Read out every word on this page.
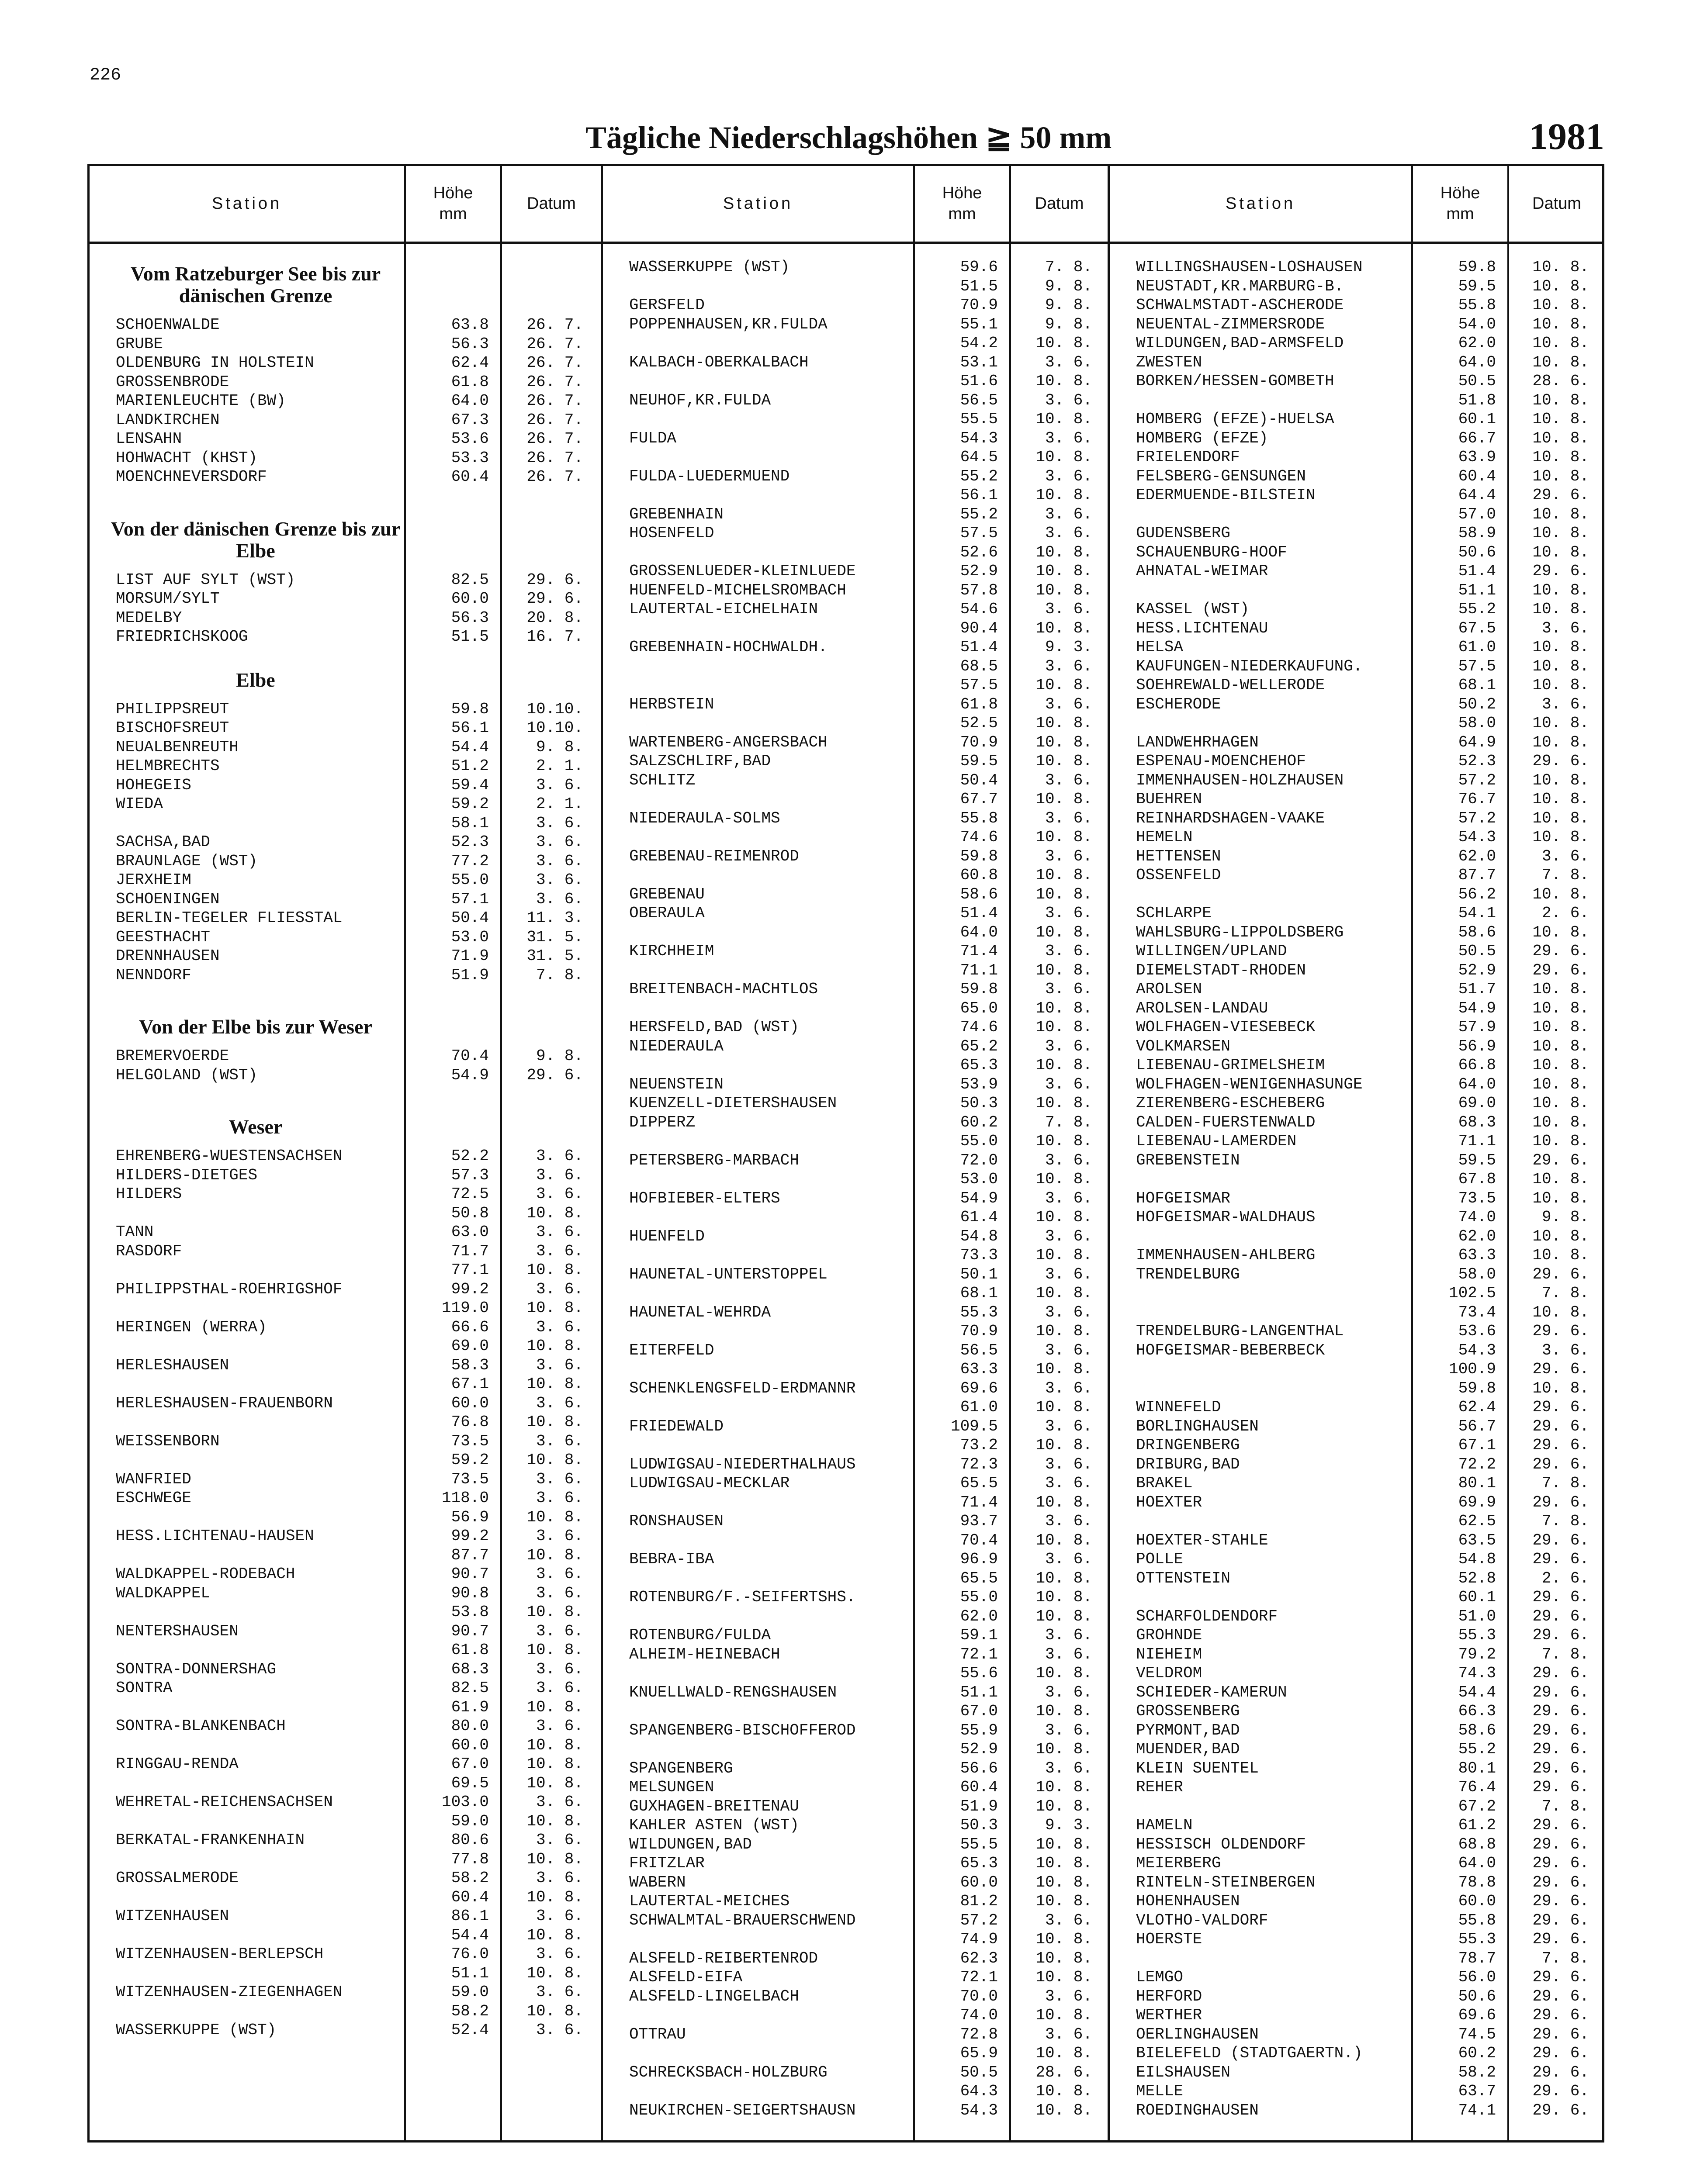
226
Tägliche Niederschlagshöhen ≧ 50 mm	1981
Station
Höhe
mm
Datum
Vom Ratzeburger See bis zur dänischen Grenze
SCHOENWALDE	63.8	26. 7.
GRUBE	56.3	26. 7.
OLDENBURG IN HOLSTEIN	62.4	26. 7.
GROSSENBRODE	61.8	26. 7.
MARIENLEUCHTE (BW)	64.0	26. 7.
LANDKIRCHEN	67.3	26. 7.
LENSAHN	53.6	26. 7.
HOHWACHT (KHST)	53.3	26. 7.
MOENCHNEVERSDORF	60.4	26. 7.
Von der dänischen Grenze bis zur Elbe
LIST AUF SYLT (WST)	82.5	29. 6.
MORSUM/SYLT	60.0	29. 6.
MEDELBY	56.3	20. 8.
FRIEDRICHSKOOG	51.5	16. 7.
Elbe
PHILIPPSREUT	59.8	10.10.
BISCHOFSREUT	56.1	10.10.
NEUALBENREUTH	54.4	9. 8.
HELMBRECHTS	51.2	2. 1.
HOHEGEIS	59.4	3. 6.
WIEDA	59.2	2. 1.
58.1	3. 6.
SACHSA,BAD	52.3	3. 6.
BRAUNLAGE (WST)	77.2	3. 6.
JERXHEIM	55.0	3. 6.
SCHOENINGEN	57.1	3. 6.
BERLIN-TEGELER FLIESSTAL	50.4	11. 3.
GEESTHACHT	53.0	31. 5.
DRENNHAUSEN	71.9	31. 5.
NENNDORF	51.9	7. 8.
Von der Elbe bis zur Weser
BREMERVOERDE	70.4	9. 8.
HELGOLAND (WST)	54.9	29. 6.
Weser
EHRENBERG-WUESTENSACHSEN	52.2	3. 6.
HILDERS-DIETGES	57.3	3. 6.
HILDERS	72.5	3. 6.
50.8	10. 8.
TANN	63.0	3. 6.
RASDORF	71.7	3. 6.
77.1	10. 8.
PHILIPPSTHAL-ROEHRIGSHOF	99.2	3. 6.
119.0	10. 8.
HERINGEN (WERRA)	66.6	3. 6.
69.0	10. 8.
HERLESHAUSEN	58.3	3. 6.
67.1	10. 8.
HERLESHAUSEN-FRAUENBORN	60.0	3. 6.
76.8	10. 8.
WEISSENBORN	73.5	3. 6.
59.2	10. 8.
WANFRIED	73.5	3. 6.
ESCHWEGE	118.0	3. 6.
56.9	10. 8.
HESS.LICHTENAU-HAUSEN	99.2	3. 6.
87.7	10. 8.
WALDKAPPEL-RODEBACH	90.7	3. 6.
WALDKAPPEL	90.8	3. 6.
53.8	10. 8.
NENTERSHAUSEN	90.7	3. 6.
61.8	10. 8.
SONTRA-DONNERSHAG	68.3	3. 6.
SONTRA	82.5	3. 6.
61.9	10. 8.
SONTRA-BLANKENBACH	80.0	3. 6.
60.0	10. 8.
RINGGAU-RENDA	67.0	10. 8.
69.5	10. 8.
WEHRETAL-REICHENSACHSEN	103.0	3. 6.
59.0	10. 8.
BERKATAL-FRANKENHAIN	80.6	3. 6.
77.8	10. 8.
GROSSALMERODE	58.2	3. 6.
60.4	10. 8.
WITZENHAUSEN	86.1	3. 6.
54.4	10. 8.
WITZENHAUSEN-BERLEPSCH	76.0	3. 6.
51.1	10. 8.
WITZENHAUSEN-ZIEGENHAGEN	59.0	3. 6.
58.2	10. 8.
WASSERKUPPE (WST)	52.4	3. 6.
Station
Höhe
mm
Datum
WASSERKUPPE (WST)	59.6	7. 8.
51.5	9. 8.
GERSFELD	70.9	9. 8.
POPPENHAUSEN,KR.FULDA	55.1	9. 8.
54.2	10. 8.
KALBACH-OBERKALBACH	53.1	3. 6.
51.6	10. 8.
NEUHOF,KR.FULDA	56.5	3. 6.
55.5	10. 8.
FULDA	54.3	3. 6.
64.5	10. 8.
FULDA-LUEDERMUEND	55.2	3. 6.
56.1	10. 8.
GREBENHAIN	55.2	3. 6.
HOSENFELD	57.5	3. 6.
52.6	10. 8.
GROSSENLUEDER-KLEINLUEDE	52.9	10. 8.
HUENFELD-MICHELSROMBACH	57.8	10. 8.
LAUTERTAL-EICHELHAIN	54.6	3. 6.
90.4	10. 8.
GREBENHAIN-HOCHWALDH.	51.4	9. 3.
68.5	3. 6.
57.5	10. 8.
HERBSTEIN	61.8	3. 6.
52.5	10. 8.
WARTENBERG-ANGERSBACH	70.9	10. 8.
SALZSCHLIRF,BAD	59.5	10. 8.
SCHLITZ	50.4	3. 6.
67.7	10. 8.
NIEDERAULA-SOLMS	55.8	3. 6.
74.6	10. 8.
GREBENAU-REIMENROD	59.8	3. 6.
60.8	10. 8.
GREBENAU	58.6	10. 8.
OBERAULA	51.4	3. 6.
64.0	10. 8.
KIRCHHEIM	71.4	3. 6.
71.1	10. 8.
BREITENBACH-MACHTLOS	59.8	3. 6.
65.0	10. 8.
HERSFELD,BAD (WST)	74.6	10. 8.
NIEDERAULA	65.2	3. 6.
65.3	10. 8.
NEUENSTEIN	53.9	3. 6.
KUENZELL-DIETERSHAUSEN	50.3	10. 8.
DIPPERZ	60.2	7. 8.
55.0	10. 8.
PETERSBERG-MARBACH	72.0	3. 6.
53.0	10. 8.
HOFBIEBER-ELTERS	54.9	3. 6.
61.4	10. 8.
HUENFELD	54.8	3. 6.
73.3	10. 8.
HAUNETAL-UNTERSTOPPEL	50.1	3. 6.
68.1	10. 8.
HAUNETAL-WEHRDA	55.3	3. 6.
70.9	10. 8.
EITERFELD	56.5	3. 6.
63.3	10. 8.
SCHENKLENGSFELD-ERDMANNR	69.6	3. 6.
61.0	10. 8.
FRIEDEWALD	109.5	3. 6.
73.2	10. 8.
LUDWIGSAU-NIEDERTHALHAUS	72.3	3. 6.
LUDWIGSAU-MECKLAR	65.5	3. 6.
71.4	10. 8.
RONSHAUSEN	93.7	3. 6.
70.4	10. 8.
BEBRA-IBA	96.9	3. 6.
65.5	10. 8.
ROTENBURG/F.-SEIFERTSHS.	55.0	10. 8.
62.0	10. 8.
ROTENBURG/FULDA	59.1	3. 6.
ALHEIM-HEINEBACH	72.1	3. 6.
55.6	10. 8.
KNUELLWALD-RENGSHAUSEN	51.1	3. 6.
67.0	10. 8.
SPANGENBERG-BISCHOFFEROD	55.9	3. 6.
52.9	10. 8.
SPANGENBERG	56.6	3. 6.
MELSUNGEN	60.4	10. 8.
GUXHAGEN-BREITENAU	51.9	10. 8.
KAHLER ASTEN (WST)	50.3	9. 3.
WILDUNGEN,BAD	55.5	10. 8.
FRITZLAR	65.3	10. 8.
WABERN	60.0	10. 8.
LAUTERTAL-MEICHES	81.2	10. 8.
SCHWALMTAL-BRAUERSCHWEND	57.2	3. 6.
74.9	10. 8.
ALSFELD-REIBERTENROD	62.3	10. 8.
ALSFELD-EIFA	72.1	10. 8.
ALSFELD-LINGELBACH	70.0	3. 6.
74.0	10. 8.
OTTRAU	72.8	3. 6.
65.9	10. 8.
SCHRECKSBACH-HOLZBURG	50.5	28. 6.
64.3	10. 8.
NEUKIRCHEN-SEIGERTSHAUSN	54.3	10. 8.
Station
Höhe
mm
Datum
WILLINGSHAUSEN-LOSHAUSEN	59.8	10. 8.
NEUSTADT,KR.MARBURG-B.	59.5	10. 8.
SCHWALMSTADT-ASCHERODE	55.8	10. 8.
NEUENTAL-ZIMMERSRODE	54.0	10. 8.
WILDUNGEN,BAD-ARMSFELD	62.0	10. 8.
ZWESTEN	64.0	10. 8.
BORKEN/HESSEN-GOMBETH	50.5	28. 6.
51.8	10. 8.
HOMBERG (EFZE)-HUELSA	60.1	10. 8.
HOMBERG (EFZE)	66.7	10. 8.
FRIELENDORF	63.9	10. 8.
FELSBERG-GENSUNGEN	60.4	10. 8.
EDERMUENDE-BILSTEIN	64.4	29. 6.
57.0	10. 8.
GUDENSBERG	58.9	10. 8.
SCHAUENBURG-HOOF	50.6	10. 8.
AHNATAL-WEIMAR	51.4	29. 6.
51.1	10. 8.
KASSEL (WST)	55.2	10. 8.
HESS.LICHTENAU	67.5	3. 6.
HELSA	61.0	10. 8.
KAUFUNGEN-NIEDERKAUFUNG.	57.5	10. 8.
SOEHREWALD-WELLERODE	68.1	10. 8.
ESCHERODE	50.2	3. 6.
58.0	10. 8.
LANDWEHRHAGEN	64.9	10. 8.
ESPENAU-MOENCHEHOF	52.3	29. 6.
IMMENHAUSEN-HOLZHAUSEN	57.2	10. 8.
BUEHREN	76.7	10. 8.
REINHARDSHAGEN-VAAKE	57.2	10. 8.
HEMELN	54.3	10. 8.
HETTENSEN	62.0	3. 6.
OSSENFELD	87.7	7. 8.
56.2	10. 8.
SCHLARPE	54.1	2. 6.
WAHLSBURG-LIPPOLDSBERG	58.6	10. 8.
WILLINGEN/UPLAND	50.5	29. 6.
DIEMELSTADT-RHODEN	52.9	29. 6.
AROLSEN	51.7	10. 8.
AROLSEN-LANDAU	54.9	10. 8.
WOLFHAGEN-VIESEBECK	57.9	10. 8.
VOLKMARSEN	56.9	10. 8.
LIEBENAU-GRIMELSHEIM	66.8	10. 8.
WOLFHAGEN-WENIGENHASUNGE	64.0	10. 8.
ZIERENBERG-ESCHEBERG	69.0	10. 8.
CALDEN-FUERSTENWALD	68.3	10. 8.
LIEBENAU-LAMERDEN	71.1	10. 8.
GREBENSTEIN	59.5	29. 6.
67.8	10. 8.
HOFGEISMAR	73.5	10. 8.
HOFGEISMAR-WALDHAUS	74.0	9. 8.
62.0	10. 8.
IMMENHAUSEN-AHLBERG	63.3	10. 8.
TRENDELBURG	58.0	29. 6.
102.5	7. 8.
73.4	10. 8.
TRENDELBURG-LANGENTHAL	53.6	29. 6.
HOFGEISMAR-BEBERBECK	54.3	3. 6.
100.9	29. 6.
59.8	10. 8.
WINNEFELD	62.4	29. 6.
BORLINGHAUSEN	56.7	29. 6.
DRINGENBERG	67.1	29. 6.
DRIBURG,BAD	72.2	29. 6.
BRAKEL	80.1	7. 8.
HOEXTER	69.9	29. 6.
62.5	7. 8.
HOEXTER-STAHLE	63.5	29. 6.
POLLE	54.8	29. 6.
OTTENSTEIN	52.8	2. 6.
60.1	29. 6.
SCHARFOLDENDORF	51.0	29. 6.
GROHNDE	55.3	29. 6.
NIEHEIM	79.2	7. 8.
VELDROM	74.3	29. 6.
SCHIEDER-KAMERUN	54.4	29. 6.
GROSSENBERG	66.3	29. 6.
PYRMONT,BAD	58.6	29. 6.
MUENDER,BAD	55.2	29. 6.
KLEIN SUENTEL	80.1	29. 6.
REHER	76.4	29. 6.
67.2	7. 8.
HAMELN	61.2	29. 6.
HESSISCH OLDENDORF	68.8	29. 6.
MEIERBERG	64.0	29. 6.
RINTELN-STEINBERGEN	78.8	29. 6.
HOHENHAUSEN	60.0	29. 6.
VLOTHO-VALDORF	55.8	29. 6.
HOERSTE	55.3	29. 6.
78.7	7. 8.
LEMGO	56.0	29. 6.
HERFORD	50.6	29. 6.
WERTHER	69.6	29. 6.
OERLINGHAUSEN	74.5	29. 6.
BIELEFELD (STADTGAERTN.)	60.2	29. 6.
EILSHAUSEN	58.2	29. 6.
MELLE	63.7	29. 6.
ROEDINGHAUSEN	74.1	29. 6.
